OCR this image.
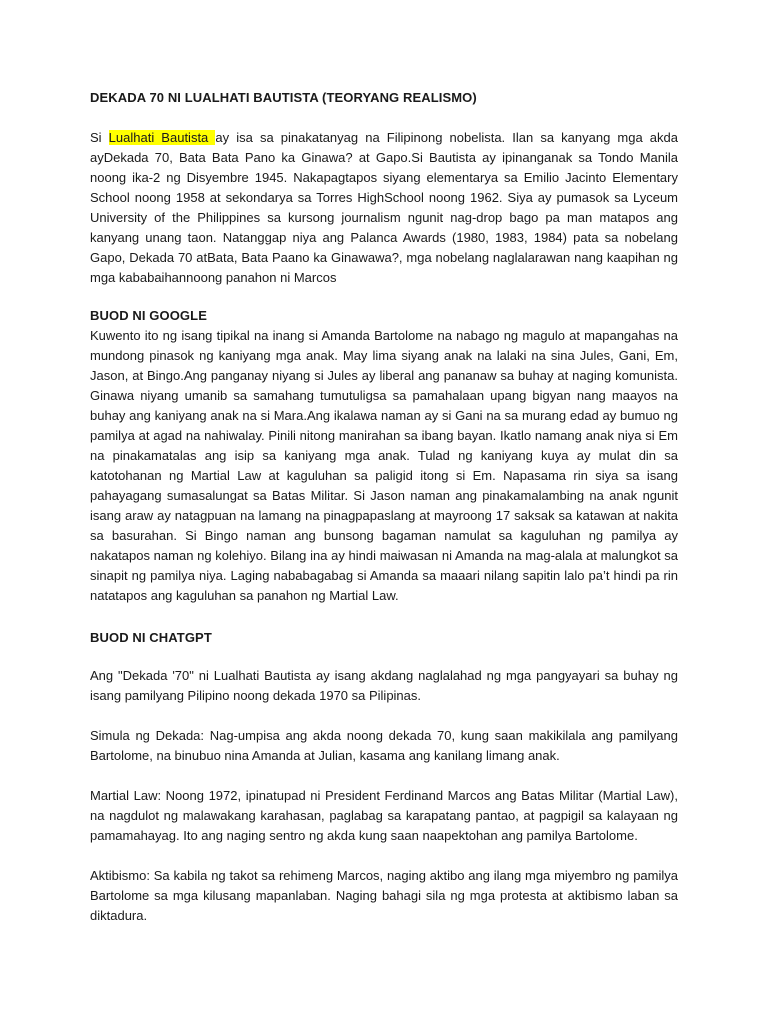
DEKADA 70 NI LUALHATI BAUTISTA (TEORYANG REALISMO)

Si Lualhati Bautista ay isa sa pinakatanyag na Filipinong nobelista. Ilan sa kanyang mga akda ayDekada 70, Bata Bata Pano ka Ginawa? at Gapo.Si Bautista ay ipinanganak sa Tondo Manila noong ika-2 ng Disyembre 1945. Nakapagtapos siyang elementarya sa Emilio Jacinto Elementary School noong 1958 at sekondarya sa Torres HighSchool noong 1962. Siya ay pumasok sa Lyceum University of the Philippines sa kursong journalism ngunit nag-drop bago pa man matapos ang kanyang unang taon. Natanggap niya ang Palanca Awards (1980, 1983, 1984) pata sa nobelang Gapo, Dekada 70 atBata, Bata Paano ka Ginawawa?, mga nobelang naglalarawan nang kaapihan ng mga kababaihannoong panahon ni Marcos

BUOD NI GOOGLE

Kuwento ito ng isang tipikal na inang si Amanda Bartolome na nabago ng magulo at mapangahas na mundong pinasok ng kaniyang mga anak. May lima siyang anak na lalaki na sina Jules, Gani, Em, Jason, at Bingo.Ang panganay niyang si Jules ay liberal ang pananaw sa buhay at naging komunista. Ginawa niyang umanib sa samahang tumutuligsa sa pamahalaan upang bigyan nang maayos na buhay ang kaniyang anak na si Mara.Ang ikalawa naman ay si Gani na sa murang edad ay bumuo ng pamilya at agad na nahiwalay. Pinili nitong manirahan sa ibang bayan. Ikatlo namang anak niya si Em na pinakamatalas ang isip sa kaniyang mga anak. Tulad ng kaniyang kuya ay mulat din sa katotohanan ng Martial Law at kaguluhan sa paligid itong si Em. Napasama rin siya sa isang pahayagang sumasalungat sa Batas Militar. Si Jason naman ang pinakamalambing na anak ngunit isang araw ay natagpuan na lamang na pinagpapaslang at mayroong 17 saksak sa katawan at nakita sa basurahan. Si Bingo naman ang bunsong bagaman namulat sa kaguluhan ng pamilya ay nakatapos naman ng kolehiyo. Bilang ina ay hindi maiwasan ni Amanda na mag-alala at malungkot sa sinapit ng pamilya niya. Laging nababagabag si Amanda sa maaari nilang sapitin lalo pa’t hindi pa rin natatapos ang kaguluhan sa panahon ng Martial Law.

BUOD NI CHATGPT

Ang "Dekada '70" ni Lualhati Bautista ay isang akdang naglalahad ng mga pangyayari sa buhay ng isang pamilyang Pilipino noong dekada 1970 sa Pilipinas.

Simula ng Dekada: Nag-umpisa ang akda noong dekada 70, kung saan makikilala ang pamilyang Bartolome, na binubuo nina Amanda at Julian, kasama ang kanilang limang anak.

Martial Law: Noong 1972, ipinatupad ni President Ferdinand Marcos ang Batas Militar (Martial Law), na nagdulot ng malawakang karahasan, paglabag sa karapatang pantao, at pagpigil sa kalayaan ng pamamahayag. Ito ang naging sentro ng akda kung saan naapektohan ang pamilya Bartolome.

Aktibismo: Sa kabila ng takot sa rehimeng Marcos, naging aktibo ang ilang mga miyembro ng pamilya Bartolome sa mga kilusang mapanlaban. Naging bahagi sila ng mga protesta at aktibismo laban sa diktadura.
